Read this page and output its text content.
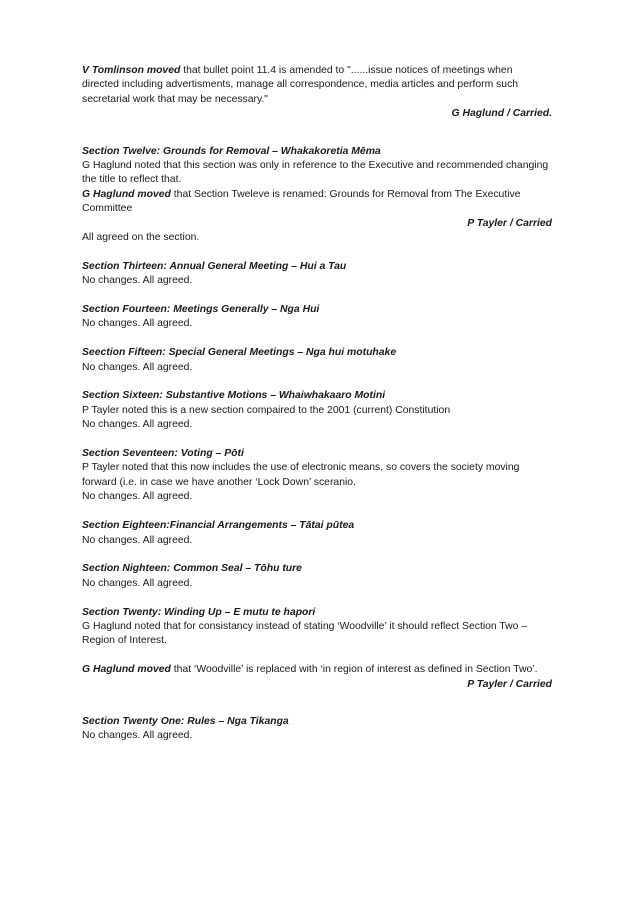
V Tomlinson moved that bullet point 11.4 is amended to "......issue notices of meetings when directed including advertisments, manage all correspondence, media articles and perform such secretarial work that may be necessary."

G Haglund / Carried.

Section Twelve: Grounds for Removal – Whakakoretia Mēma

G Haglund noted that this section was only in reference to the Executive and recommended changing the title to reflect that.

G Haglund moved that Section Tweleve is renamed: Grounds for Removal from The Executive Committee

P Tayler / Carried

All agreed on the section.

Section Thirteen: Annual General Meeting – Hui a Tau

No changes. All agreed.

Section Fourteen: Meetings Generally – Nga Hui

No changes. All agreed.

Seection Fifteen: Special General Meetings – Nga hui motuhake

No changes. All agreed.

Section Sixteen: Substantive Motions – Whaiwhakaaro Motini

P Tayler noted this is a new section compaired to the 2001 (current) Constitution

No changes. All agreed.

Section Seventeen: Voting – Pōti

P Tayler noted that this now includes the use of electronic means, so covers the society moving forward (i.e. in case we have another ‘Lock Down’ sceranio.

No changes. All agreed.

Section Eighteen:Financial Arrangements – Tātai pūtea

No changes. All agreed.

Section Nighteen: Common Seal – Tōhu ture

No changes. All agreed.

Section Twenty: Winding Up – E mutu te hapori

G Haglund noted that for consistancy instead of stating ‘Woodville’ it should reflect Section Two – Region of Interest.

G Haglund moved that ‘Woodville’ is replaced with ‘in region of interest as defined in Section Two’.

P Tayler / Carried

Section Twenty One: Rules – Nga Tikanga

No changes. All agreed.
